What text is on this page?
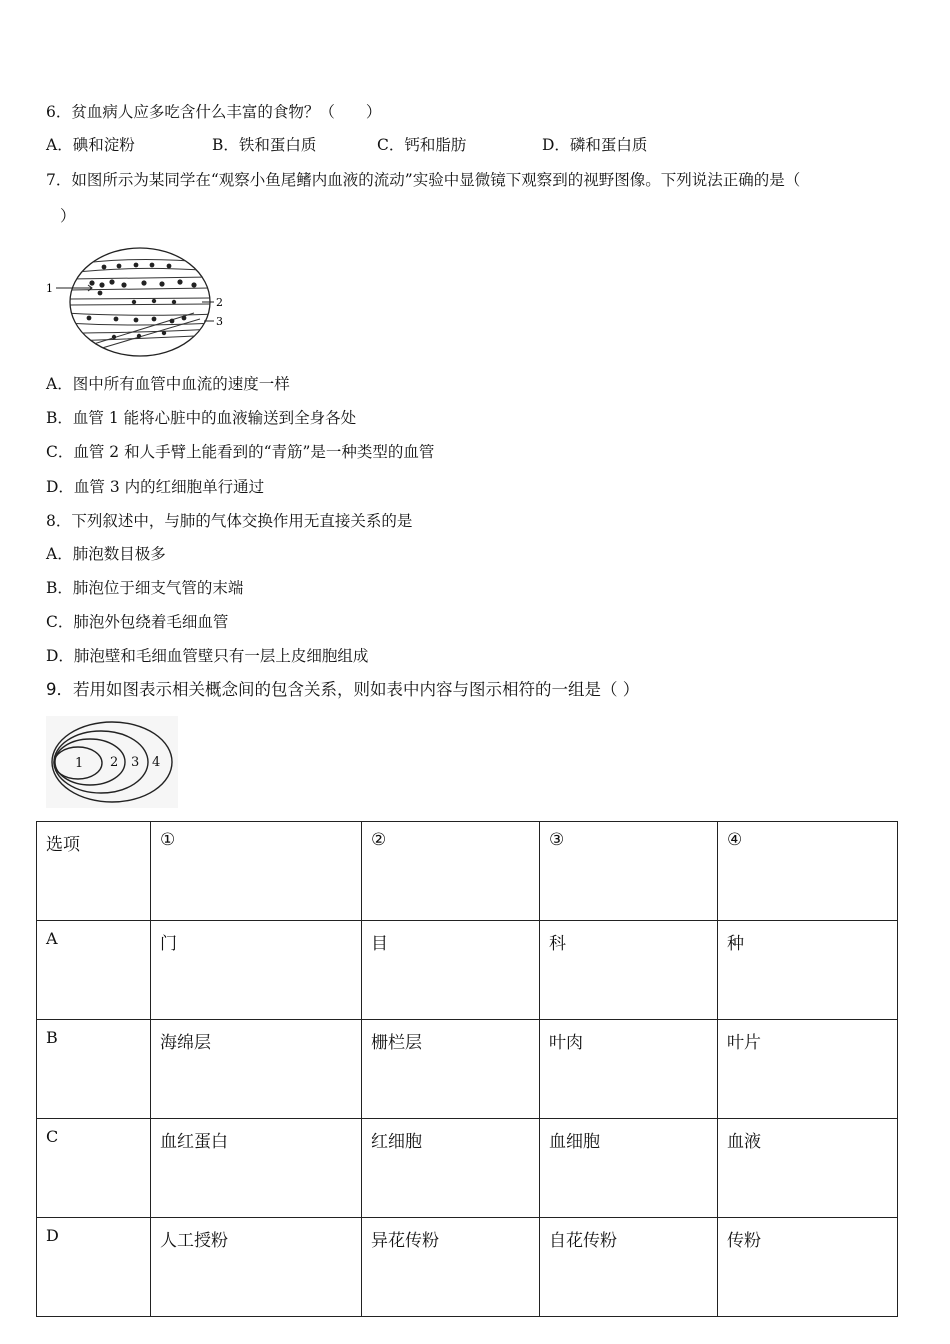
6．贫血病人应多吃含什么丰富的食物？（　　）
A．碘和淀粉	B．铁和蛋白质	C．钙和脂肪	D．磷和蛋白质
7．如图所示为某同学在“观察小鱼尾鳍内血液的流动”实验中显微镜下观察到的视野图像。下列说法正确的是（
）
1
2
3
A．图中所有血管中血流的速度一样
B．血管 1 能将心脏中的血液输送到全身各处
C．血管 2 和人手臂上能看到的“青筋”是一种类型的血管
D．血管 3 内的红细胞单行通过
8．下列叙述中，与肺的气体交换作用无直接关系的是
A．肺泡数目极多
B．肺泡位于细支气管的末端
C．肺泡外包绕着毛细血管
D．肺泡壁和毛细血管壁只有一层上皮细胞组成
9．若用如图表示相关概念间的包含关系，则如表中内容与图示相符的一组是（ ）
1 2 3 4
选项	①	②	③	④
A	门	目	科	种
B	海绵层	栅栏层	叶肉	叶片
C	血红蛋白	红细胞	血细胞	血液
D	人工授粉	异花传粉	自花传粉	传粉
